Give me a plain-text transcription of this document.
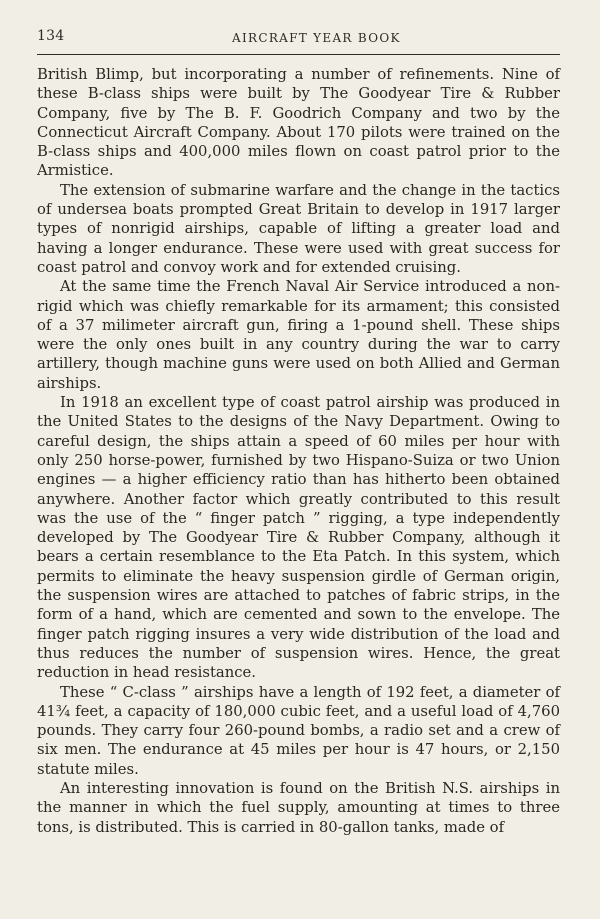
134	AIRCRAFT YEAR BOOK

British Blimp, but incorporating a number of refinements. Nine of these B-class ships were built by The Goodyear Tire & Rubber Company, five by The B. F. Goodrich Company and two by the Connecticut Aircraft Company. About 170 pilots were trained on the B-class ships and 400,000 miles flown on coast patrol prior to the Armistice.

The extension of submarine warfare and the change in the tactics of undersea boats prompted Great Britain to develop in 1917 larger types of nonrigid airships, capable of lifting a greater load and having a longer endurance. These were used with great success for coast patrol and convoy work and for extended cruising.

At the same time the French Naval Air Service introduced a non-rigid which was chiefly remarkable for its armament; this consisted of a 37 milimeter aircraft gun, firing a 1-pound shell. These ships were the only ones built in any country during the war to carry artillery, though machine guns were used on both Allied and German airships.

In 1918 an excellent type of coast patrol airship was produced in the United States to the designs of the Navy Department. Owing to careful design, the ships attain a speed of 60 miles per hour with only 250 horse-power, furnished by two Hispano-Suiza or two Union engines — a higher efficiency ratio than has hitherto been obtained anywhere. Another factor which greatly contributed to this result was the use of the “ finger patch ” rigging, a type independently developed by The Goodyear Tire & Rubber Company, although it bears a certain resemblance to the Eta Patch. In this system, which permits to eliminate the heavy suspension girdle of German origin, the suspension wires are attached to patches of fabric strips, in the form of a hand, which are cemented and sown to the envelope. The finger patch rigging insures a very wide distribution of the load and thus reduces the number of suspension wires. Hence, the great reduction in head resistance.

These “ C-class ” airships have a length of 192 feet, a diameter of 41¾ feet, a capacity of 180,000 cubic feet, and a useful load of 4,760 pounds. They carry four 260-pound bombs, a radio set and a crew of six men. The endurance at 45 miles per hour is 47 hours, or 2,150 statute miles.

An interesting innovation is found on the British N.S. airships in the manner in which the fuel supply, amounting at times to three tons, is distributed. This is carried in 80-gallon tanks, made of
